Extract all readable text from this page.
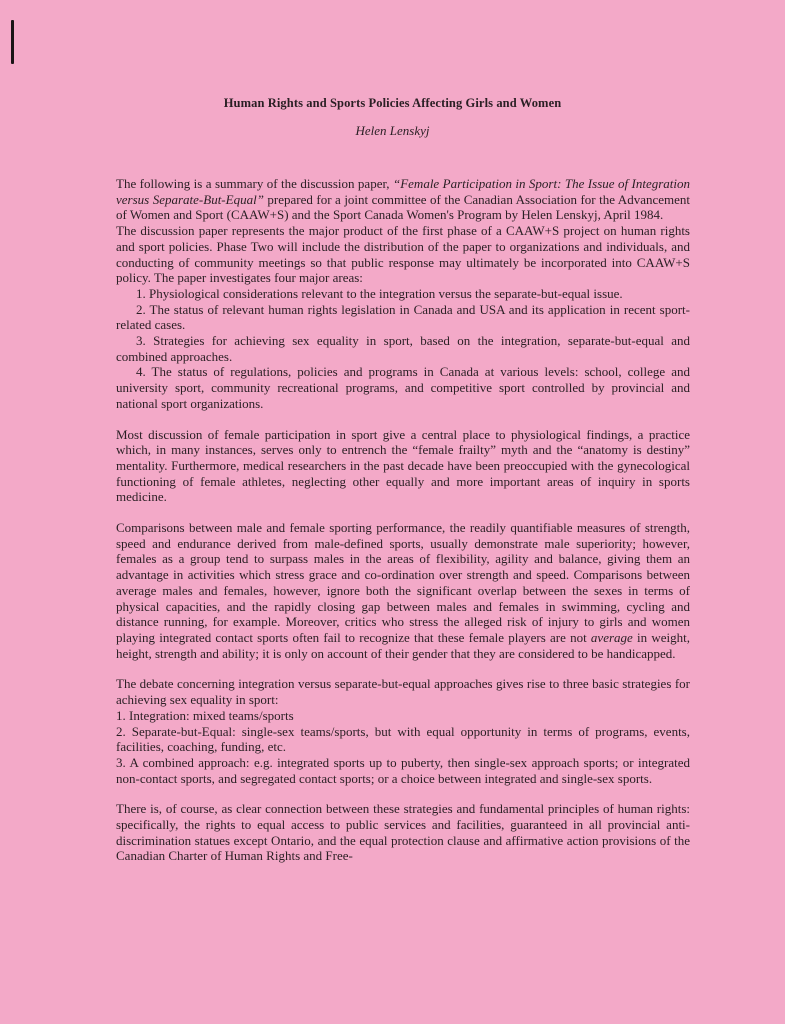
Human Rights and Sports Policies Affecting Girls and Women
Helen Lenskyj

The following is a summary of the discussion paper, “Female Participation in Sport: The Issue of Integration versus Separate-But-Equal” prepared for a joint committee of the Canadian Association for the Advancement of Women and Sport (CAAW+S) and the Sport Canada Women's Program by Helen Lenskyj, April 1984.

The discussion paper represents the major product of the first phase of a CAAW+S project on human rights and sport policies. Phase Two will include the distribution of the paper to organizations and individuals, and conducting of community meetings so that public response may ultimately be incorporated into CAAW+S policy. The paper investigates four major areas:

1. Physiological considerations relevant to the integration versus the separate-but-equal issue.

2. The status of relevant human rights legislation in Canada and USA and its application in recent sport-related cases.

3. Strategies for achieving sex equality in sport, based on the integration, separate-but-equal and combined approaches.

4. The status of regulations, policies and programs in Canada at various levels: school, college and university sport, community recreational programs, and competitive sport controlled by provincial and national sport organizations.

Most discussion of female participation in sport give a central place to physiological findings, a practice which, in many instances, serves only to entrench the “female frailty” myth and the “anatomy is destiny” mentality. Furthermore, medical researchers in the past decade have been preoccupied with the gynecological functioning of female athletes, neglecting other equally and more important areas of inquiry in sports medicine.

Comparisons between male and female sporting performance, the readily quantifiable measures of strength, speed and endurance derived from male-defined sports, usually demonstrate male superiority; however, females as a group tend to surpass males in the areas of flexibility, agility and balance, giving them an advantage in activities which stress grace and co-ordination over strength and speed. Comparisons between average males and females, however, ignore both the significant overlap between the sexes in terms of physical capacities, and the rapidly closing gap between males and females in swimming, cycling and distance running, for example. Moreover, critics who stress the alleged risk of injury to girls and women playing integrated contact sports often fail to recognize that these female players are not average in weight, height, strength and ability; it is only on account of their gender that they are considered to be handicapped.

The debate concerning integration versus separate-but-equal approaches gives rise to three basic strategies for achieving sex equality in sport:

1. Integration: mixed teams/sports

2. Separate-but-Equal: single-sex teams/sports, but with equal opportunity in terms of programs, events, facilities, coaching, funding, etc.

3. A combined approach: e.g. integrated sports up to puberty, then single-sex approach sports; or integrated non-contact sports, and segregated contact sports; or a choice between integrated and single-sex sports.

There is, of course, as clear connection between these strategies and fundamental principles of human rights: specifically, the rights to equal access to public services and facilities, guaranteed in all provincial anti-discrimination statues except Ontario, and the equal protection clause and affirmative action provisions of the Canadian Charter of Human Rights and Free-
